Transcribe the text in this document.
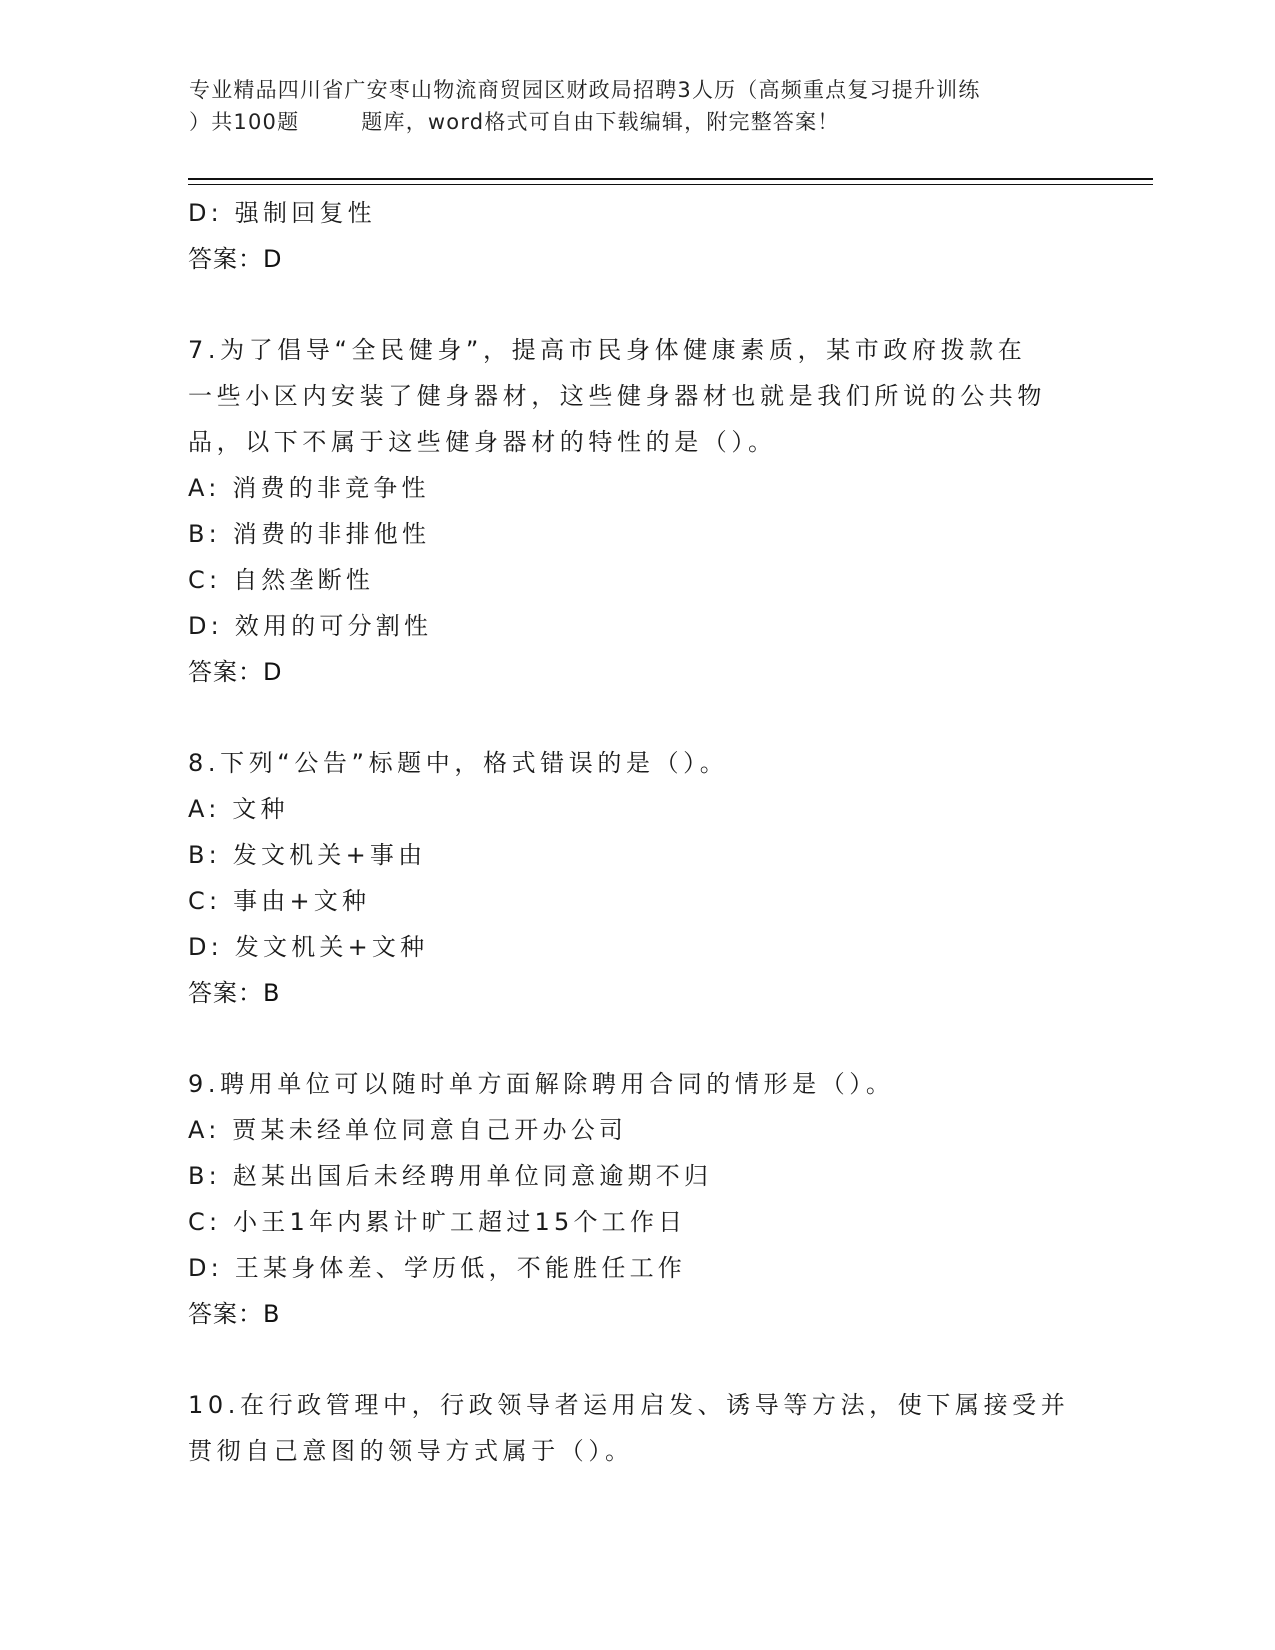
专业精品四川省广安枣山物流商贸园区财政局招聘3人历（高频重点复习提升训练
）共100题	题库，word格式可自由下载编辑，附完整答案！
D: 强制回复性
答案：D
7.为了倡导“全民健身”，提高市民身体健康素质，某市政府拨款在
一些小区内安装了健身器材，这些健身器材也就是我们所说的公共物
品，以下不属于这些健身器材的特性的是（）。
A: 消费的非竞争性
B: 消费的非排他性
C: 自然垄断性
D: 效用的可分割性
答案：D
8.下列“公告”标题中，格式错误的是（）。
A: 文种
B: 发文机关+事由
C: 事由+文种
D: 发文机关+文种
答案：B
9.聘用单位可以随时单方面解除聘用合同的情形是（）。
A: 贾某未经单位同意自己开办公司
B: 赵某出国后未经聘用单位同意逾期不归
C: 小王1年内累计旷工超过15个工作日
D: 王某身体差、学历低，不能胜任工作
答案：B
10.在行政管理中，行政领导者运用启发、诱导等方法，使下属接受并
贯彻自己意图的领导方式属于（）。
